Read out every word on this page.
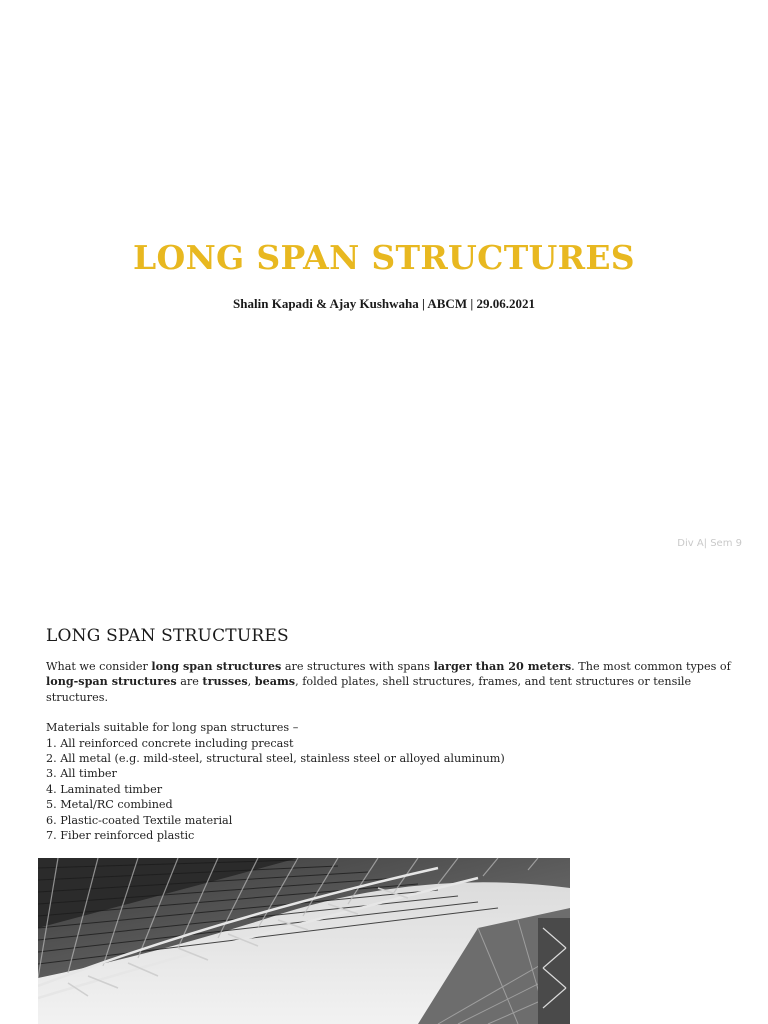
LONG SPAN STRUCTURES
Shalin Kapadi & Ajay Kushwaha | ABCM | 29.06.2021
Div A| Sem 9
LONG SPAN STRUCTURES

What we consider long span structures are structures with spans larger than 20 meters. The most common types of long-span structures are trusses, beams, folded plates, shell structures, frames, and tent structures or tensile structures.

Materials suitable for long span structures –

1. All reinforced concrete including precast
2. All metal (e.g. mild-steel, structural steel, stainless steel or alloyed aluminum)
3. All timber
4. Laminated timber
5. Metal/RC combined
6. Plastic-coated Textile material
7. Fiber reinforced plastic
